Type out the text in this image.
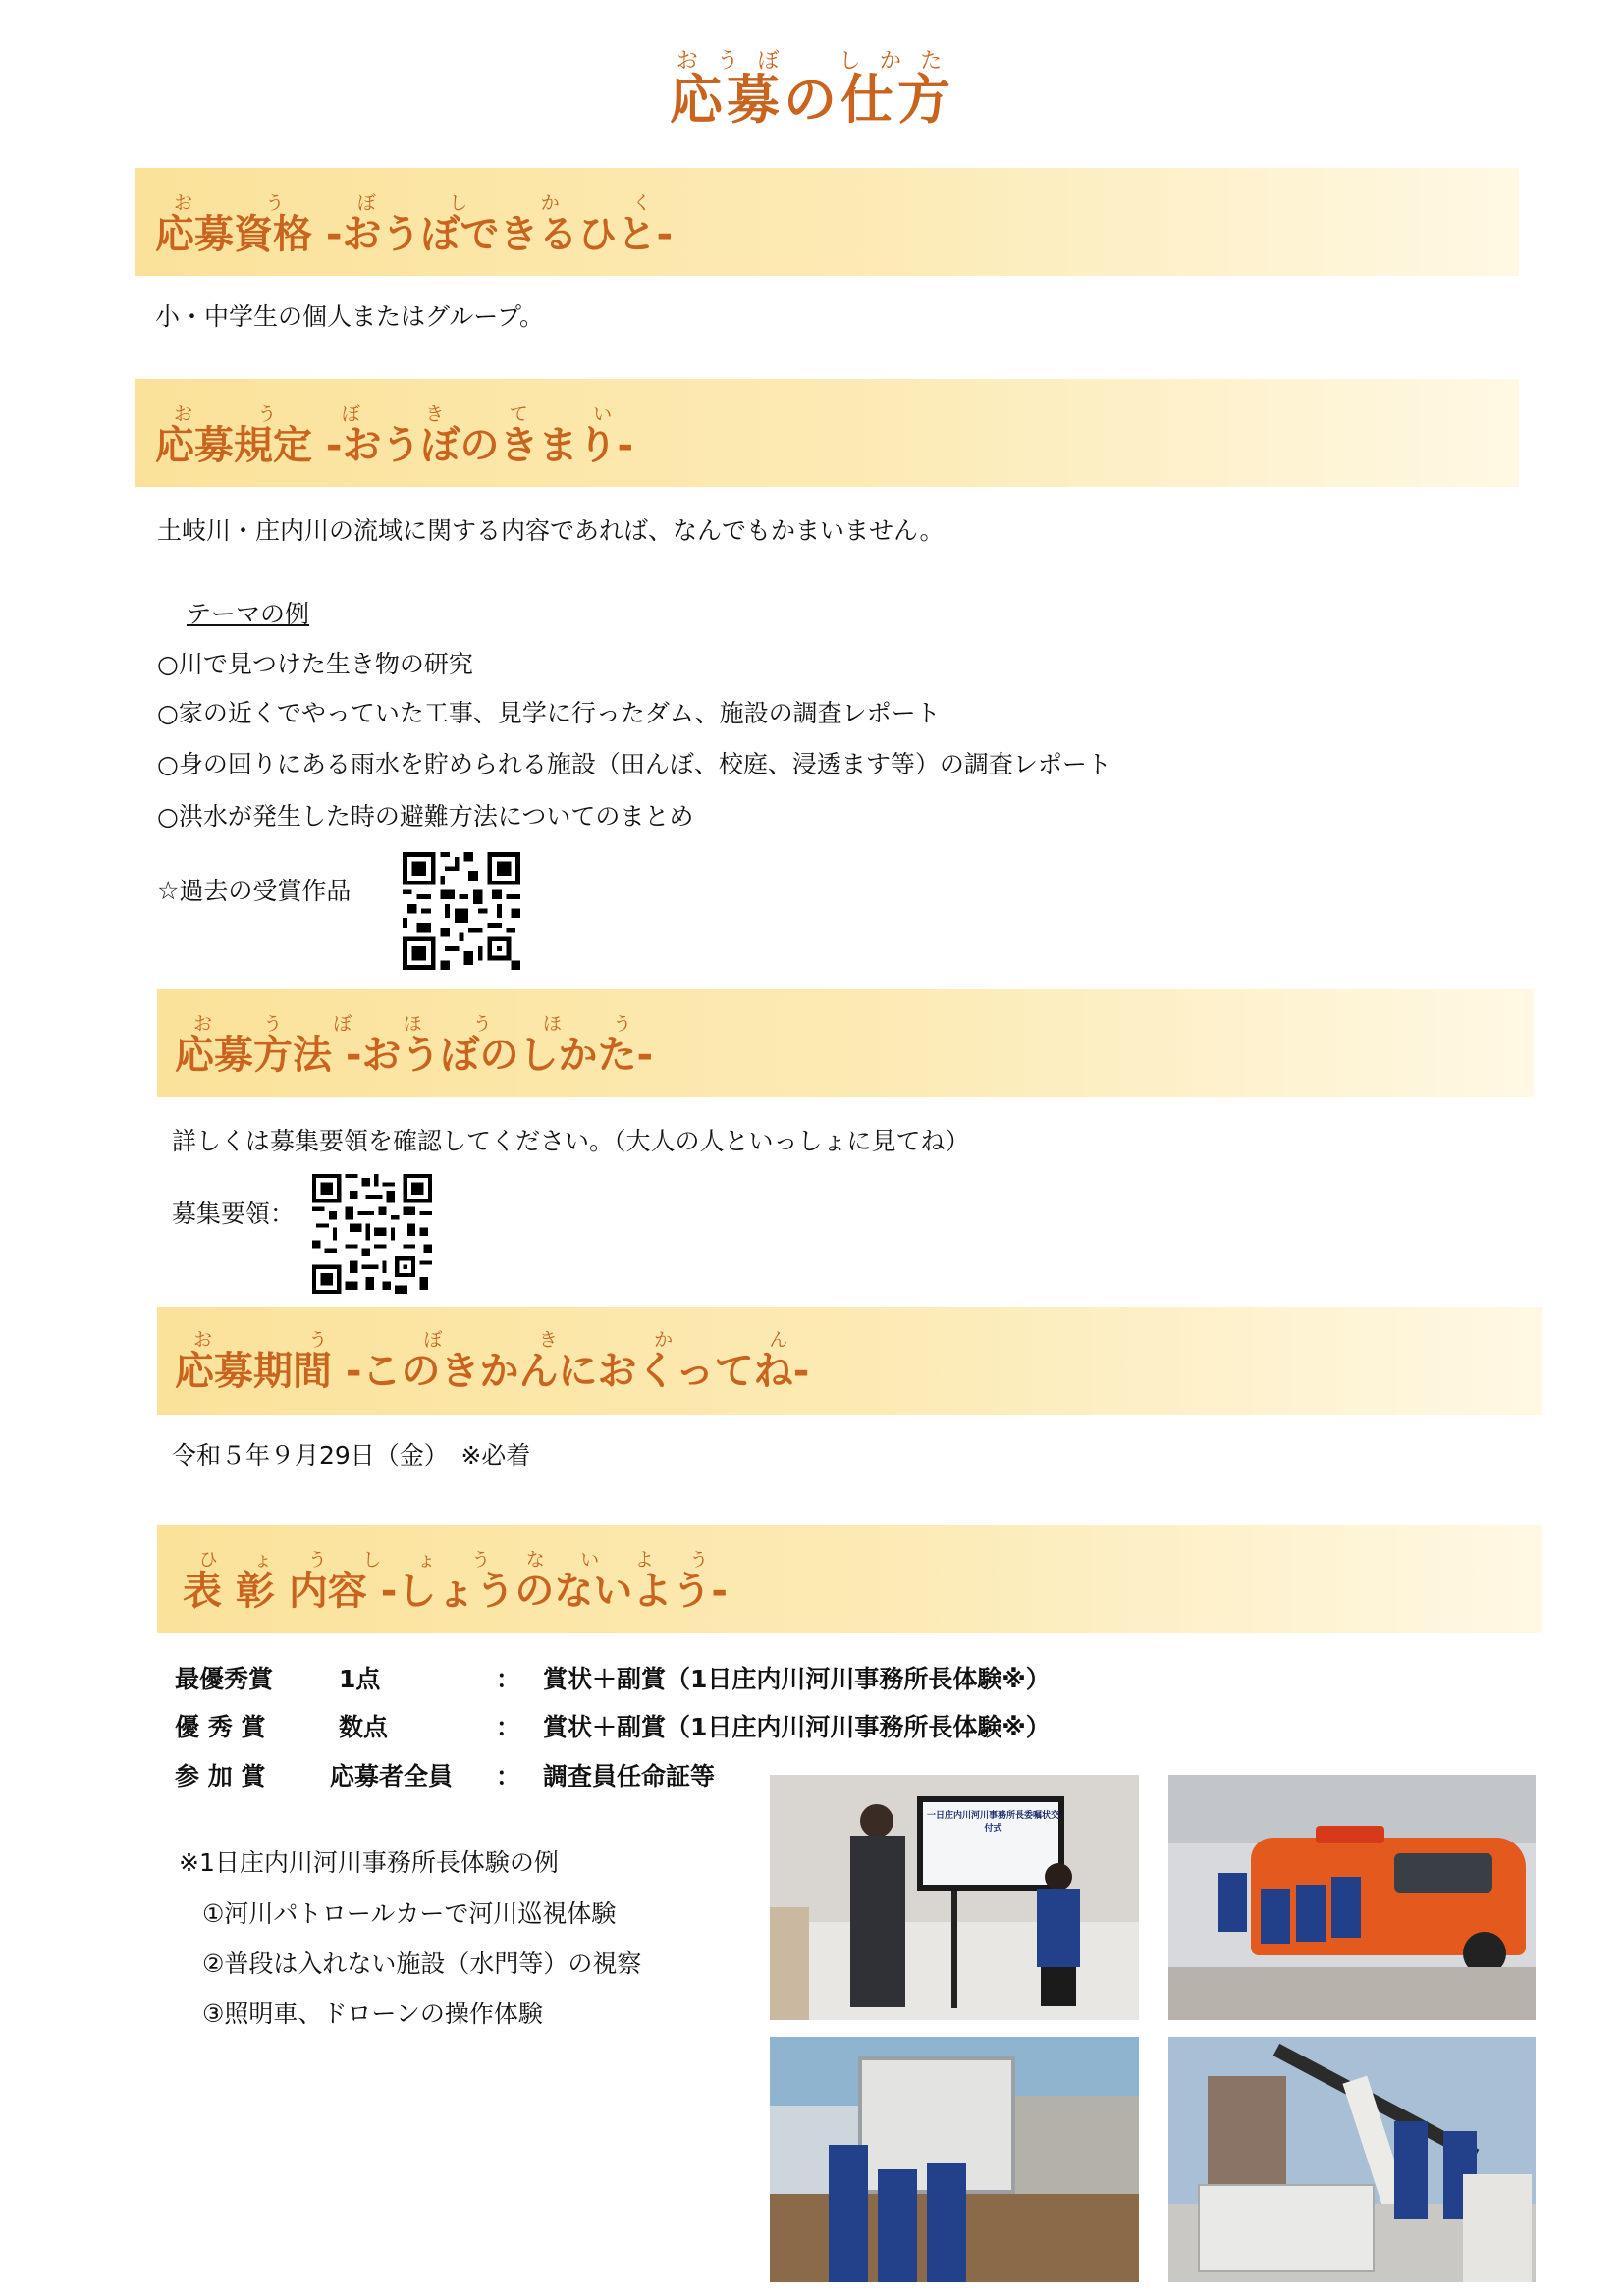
応募の仕方おうぼ　しかた
応募資格 -おうぼできるひと-おうぼしかく
小・中学生の個人またはグループ。
応募規定 -おうぼのきまり-おうぼきてい
土岐川・庄内川の流域に関する内容であれば、なんでもかまいません。
テーマの例
○川で見つけた生き物の研究
○家の近くでやっていた工事、見学に行ったダム、施設の調査レポート
○身の回りにある雨水を貯められる施設（田んぼ、校庭、浸透ます等）の調査レポート
○洪水が発生した時の避難方法についてのまとめ
☆過去の受賞作品
応募方法 -おうぼのしかた-おうぼほうほう
詳しくは募集要領を確認してください。（大人の人といっしょに見てね）
募集要領：
応募期間 -このきかんにおくってね-おうぼきかん
令和５年９月29日（金）　※必着
表 彰 内容 -しょうのないよう-ひょうしょうないよう
最優秀賞	1点	： 賞状＋副賞（1日庄内川河川事務所長体験※）
優 秀 賞	数点	： 賞状＋副賞（1日庄内川河川事務所長体験※）
参 加 賞	応募者全員 ： 調査員任命証等
※1日庄内川河川事務所長体験の例
①河川パトロールカーで河川巡視体験
②普段は入れない施設（水門等）の視察
③照明車、ドローンの操作体験
一日庄内川河川事務所長委嘱状交付式
